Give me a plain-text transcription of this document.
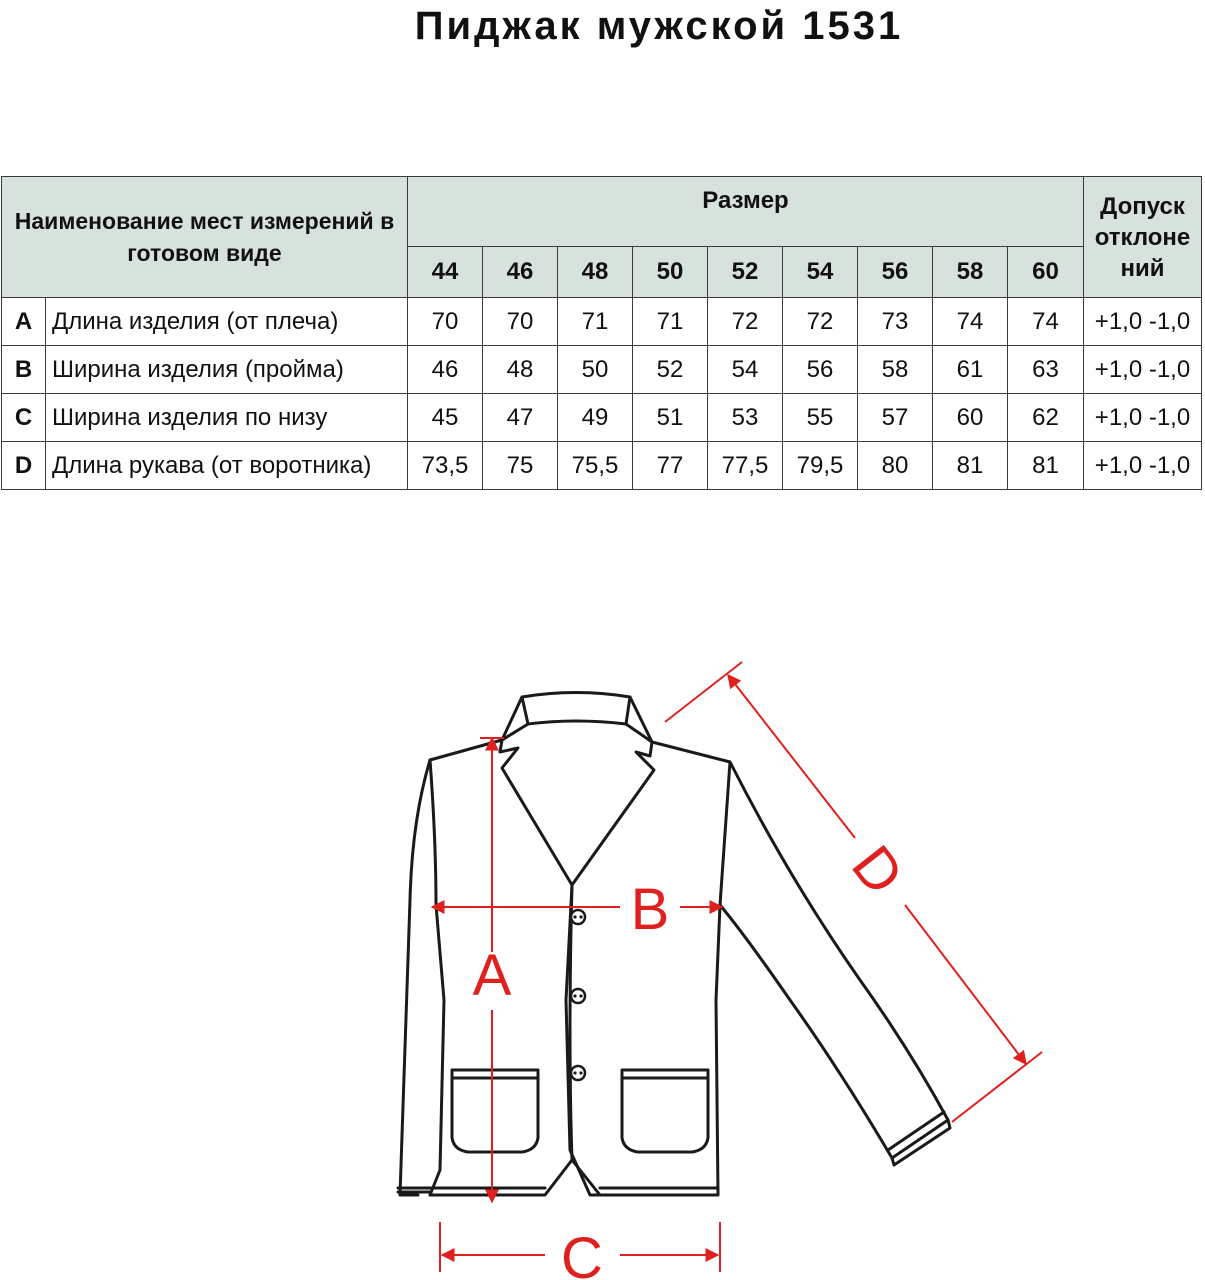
Пиджак мужской 1531
Наименование мест измерений в готовом виде		Размер									Допуск отклоне ний
		44	46	48	50	52	54	56	58	60	
A	Длина изделия (от плеча)	70	70	71	71	72	72	73	74	74	+1,0 -1,0
B	Ширина изделия (пройма)	46	48	50	52	54	56	58	61	63	+1,0 -1,0
C	Ширина изделия по низу	45	47	49	51	53	55	57	60	62	+1,0 -1,0
D	Длина рукава (от воротника)	73,5	75	75,5	77	77,5	79,5	80	81	81	+1,0 -1,0
A
B
C
D
